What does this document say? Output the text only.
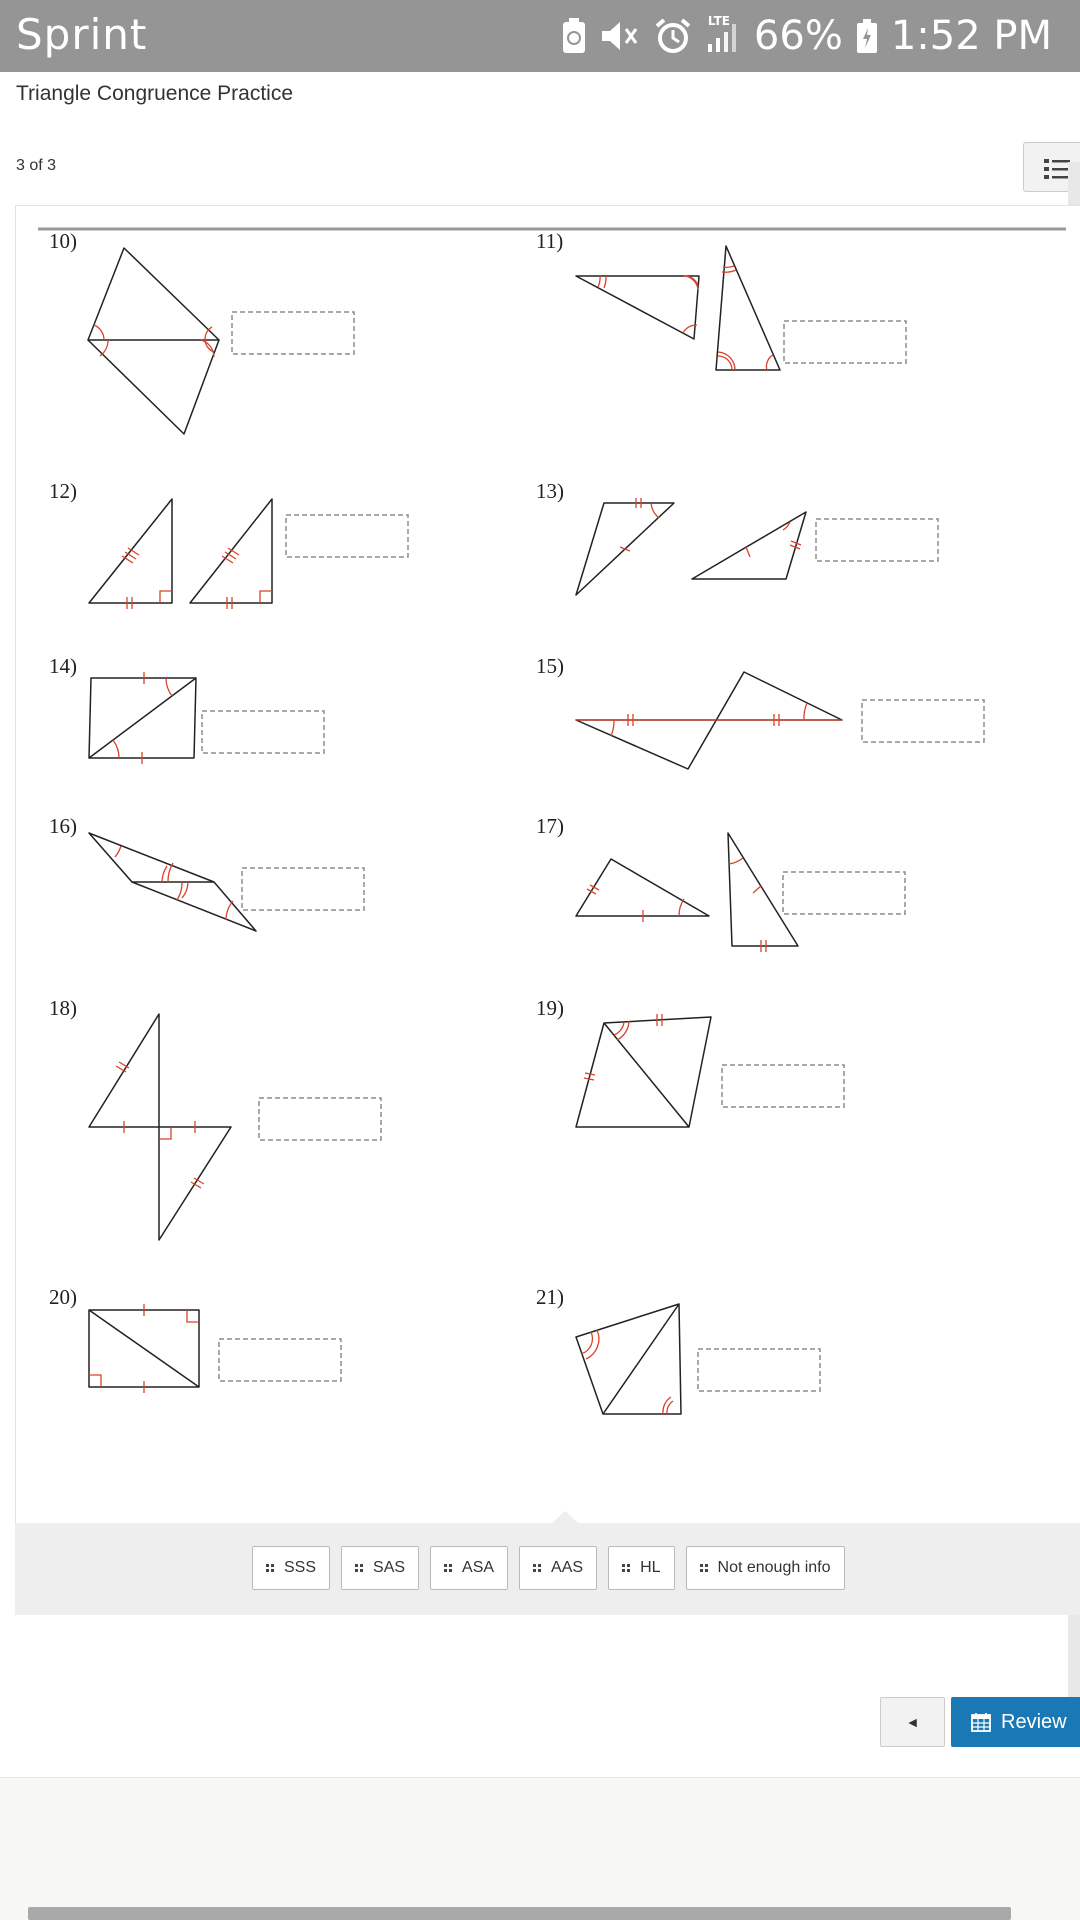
Sprint	LTE 66% 1:52 PM
Triangle Congruence Practice
3 of 3
10)	11)
12)	13)
14)	15)
16)	17)
18)	19)
20)	21)
SSS	SAS	ASA	AAS	HL	Not enough info
◄	Review
